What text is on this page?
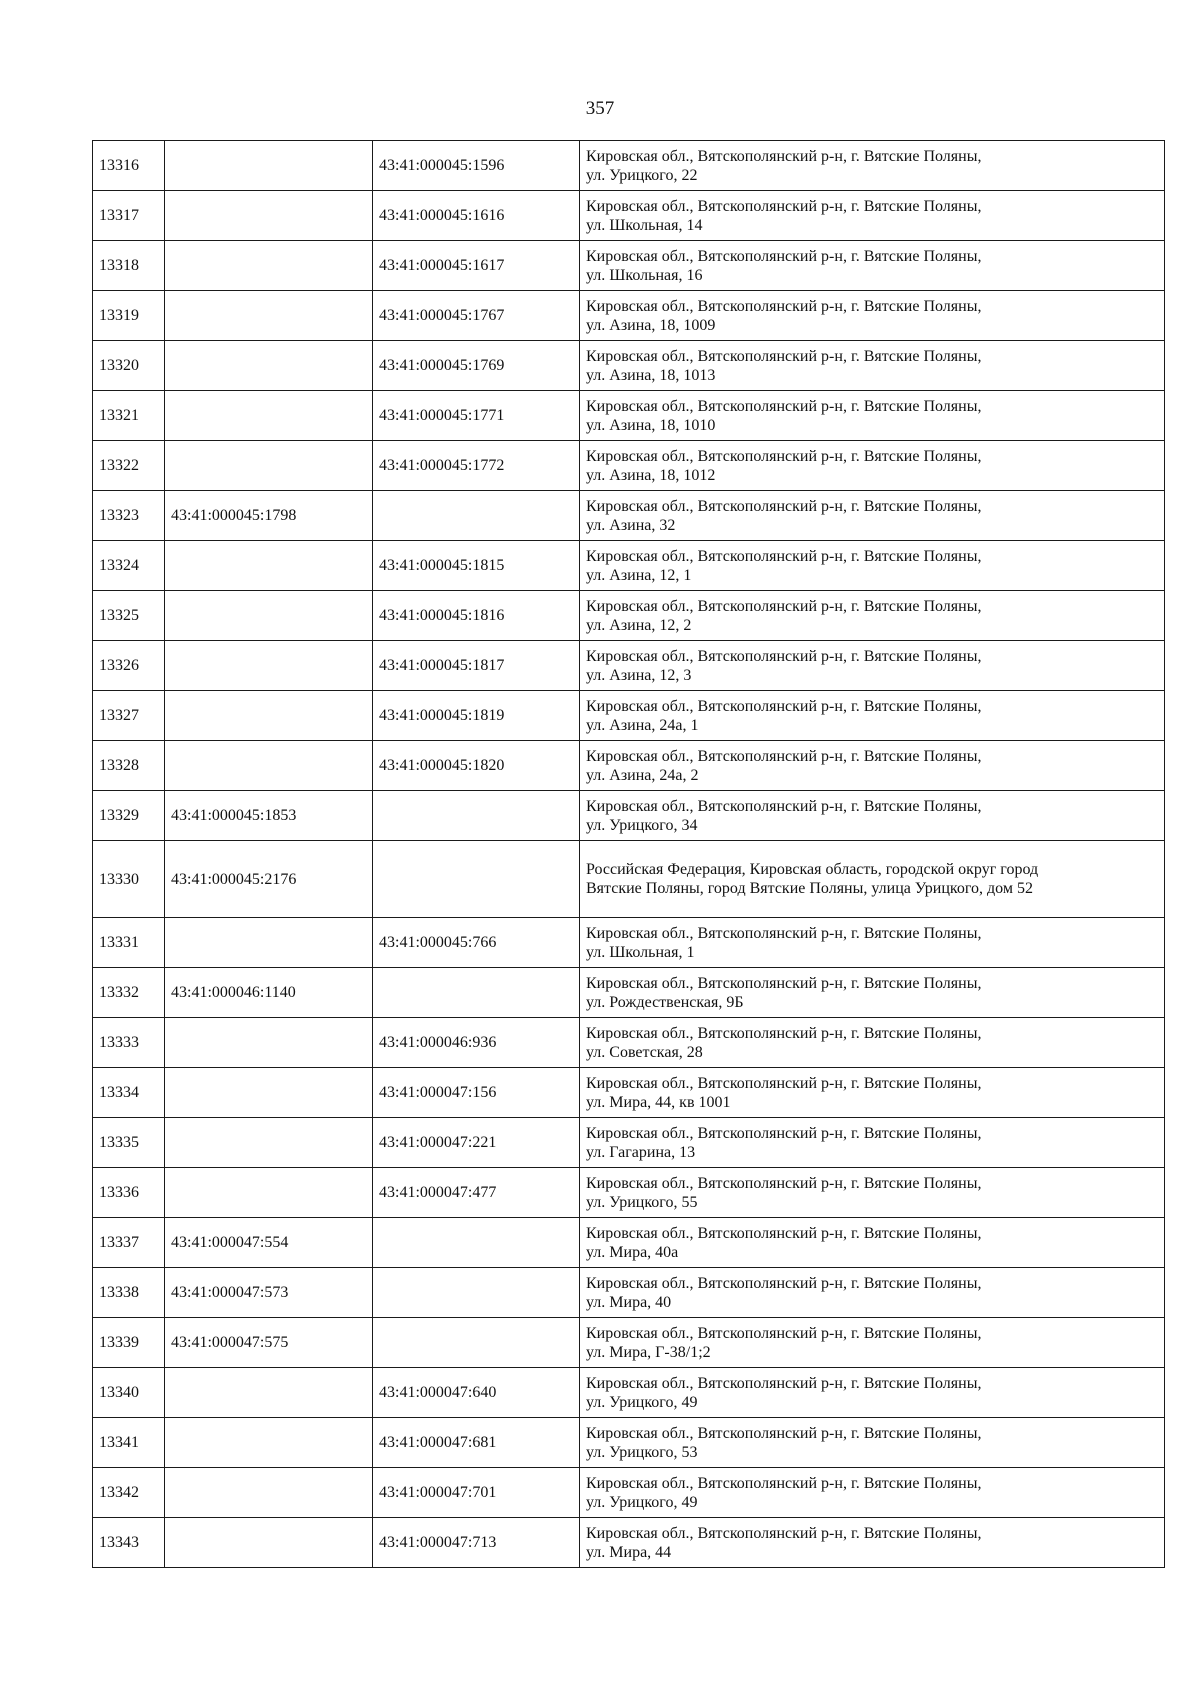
357
13316		43:41:000045:1596	Кировская обл., Вятскополянский р-н, г. Вятские Поляны,
ул. Урицкого, 22

13317		43:41:000045:1616	Кировская обл., Вятскополянский р-н, г. Вятские Поляны,
ул. Школьная, 14

13318		43:41:000045:1617	Кировская обл., Вятскополянский р-н, г. Вятские Поляны,
ул. Школьная, 16

13319		43:41:000045:1767	Кировская обл., Вятскополянский р-н, г. Вятские Поляны,
ул. Азина, 18, 1009

13320		43:41:000045:1769	Кировская обл., Вятскополянский р-н, г. Вятские Поляны,
ул. Азина, 18, 1013

13321		43:41:000045:1771	Кировская обл., Вятскополянский р-н, г. Вятские Поляны,
ул. Азина, 18, 1010

13322		43:41:000045:1772	Кировская обл., Вятскополянский р-н, г. Вятские Поляны,
ул. Азина, 18, 1012

13323	43:41:000045:1798		Кировская обл., Вятскополянский р-н, г. Вятские Поляны,
ул. Азина, 32

13324		43:41:000045:1815	Кировская обл., Вятскополянский р-н, г. Вятские Поляны,
ул. Азина, 12, 1

13325		43:41:000045:1816	Кировская обл., Вятскополянский р-н, г. Вятские Поляны,
ул. Азина, 12, 2

13326		43:41:000045:1817	Кировская обл., Вятскополянский р-н, г. Вятские Поляны,
ул. Азина, 12, 3

13327		43:41:000045:1819	Кировская обл., Вятскополянский р-н, г. Вятские Поляны,
ул. Азина, 24а, 1

13328		43:41:000045:1820	Кировская обл., Вятскополянский р-н, г. Вятские Поляны,
ул. Азина, 24а, 2

13329	43:41:000045:1853		Кировская обл., Вятскополянский р-н, г. Вятские Поляны,
ул. Урицкого, 34

13330	43:41:000045:2176		Российская Федерация, Кировская область, городской округ город
Вятские Поляны, город Вятские Поляны, улица Урицкого, дом 52

13331		43:41:000045:766	Кировская обл., Вятскополянский р-н, г. Вятские Поляны,
ул. Школьная, 1

13332	43:41:000046:1140		Кировская обл., Вятскополянский р-н, г. Вятские Поляны,
ул. Рождественская, 9Б

13333		43:41:000046:936	Кировская обл., Вятскополянский р-н, г. Вятские Поляны,
ул. Советская, 28

13334		43:41:000047:156	Кировская обл., Вятскополянский р-н, г. Вятские Поляны,
ул. Мира, 44, кв 1001

13335		43:41:000047:221	Кировская обл., Вятскополянский р-н, г. Вятские Поляны,
ул. Гагарина, 13

13336		43:41:000047:477	Кировская обл., Вятскополянский р-н, г. Вятские Поляны,
ул. Урицкого, 55

13337	43:41:000047:554		Кировская обл., Вятскополянский р-н, г. Вятские Поляны,
ул. Мира, 40а

13338	43:41:000047:573		Кировская обл., Вятскополянский р-н, г. Вятские Поляны,
ул. Мира, 40

13339	43:41:000047:575		Кировская обл., Вятскополянский р-н, г. Вятские Поляны,
ул. Мира, Г-38/1;2

13340		43:41:000047:640	Кировская обл., Вятскополянский р-н, г. Вятские Поляны,
ул. Урицкого, 49

13341		43:41:000047:681	Кировская обл., Вятскополянский р-н, г. Вятские Поляны,
ул. Урицкого, 53

13342		43:41:000047:701	Кировская обл., Вятскополянский р-н, г. Вятские Поляны,
ул. Урицкого, 49

13343		43:41:000047:713	Кировская обл., Вятскополянский р-н, г. Вятские Поляны,
ул. Мира, 44
